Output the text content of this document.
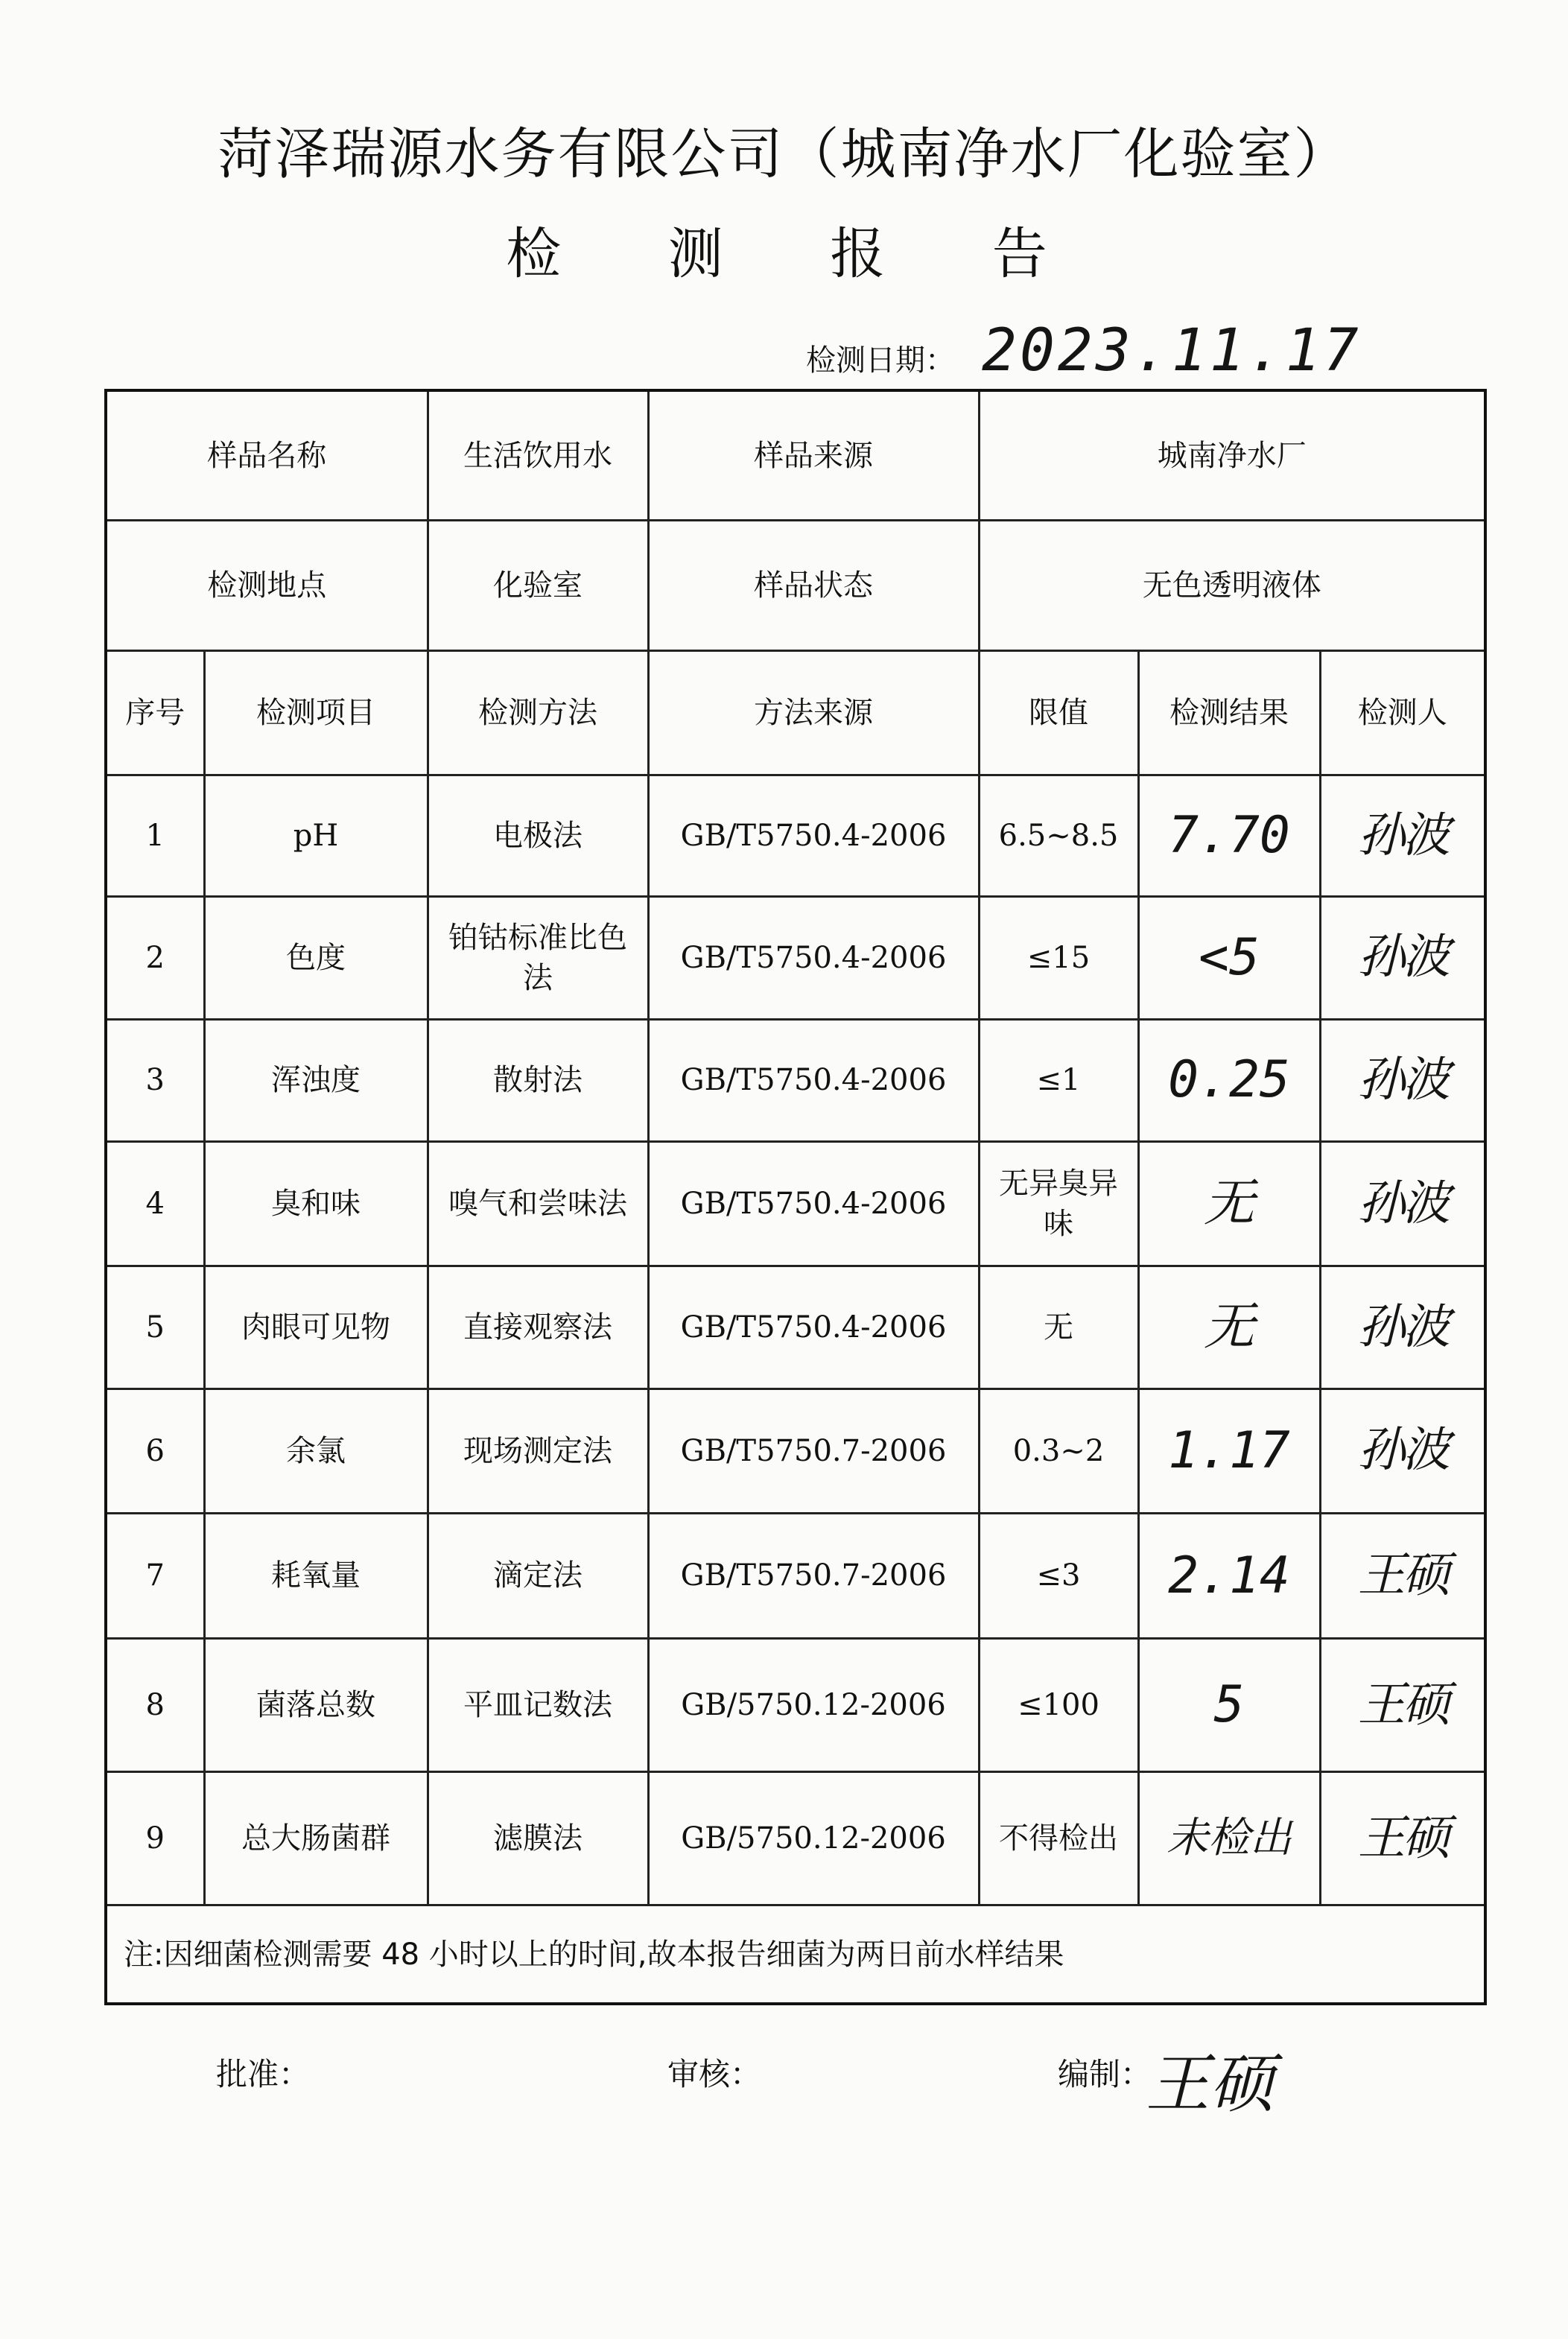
菏泽瑞源水务有限公司（城南净水厂化验室）
检 测 报 告
检测日期： 2023.11.17
样品名称		生活饮用水	样品来源	城南净水厂		
检测地点		化验室	样品状态	无色透明液体		
序号	检测项目	检测方法	方法来源	限值	检测结果	检测人
1	pH	电极法	GB/T5750.4-2006	6.5~8.5	7.70	孙波
2	色度	铂钴标准比色法	GB/T5750.4-2006	≤15	<5	孙波
3	浑浊度	散射法	GB/T5750.4-2006	≤1	0.25	孙波
4	臭和味	嗅气和尝味法	GB/T5750.4-2006	无异臭异味	无	孙波
5	肉眼可见物	直接观察法	GB/T5750.4-2006	无	无	孙波
6	余氯	现场测定法	GB/T5750.7-2006	0.3~2	1.17	孙波
7	耗氧量	滴定法	GB/T5750.7-2006	≤3	2.14	王硕
8	菌落总数	平皿记数法	GB/5750.12-2006	≤100	5	王硕
9	总大肠菌群	滤膜法	GB/5750.12-2006	不得检出	未检出	王硕
注:因细菌检测需要 48 小时以上的时间,故本报告细菌为两日前水样结果						
批准：	审核：	编制：
王硕
